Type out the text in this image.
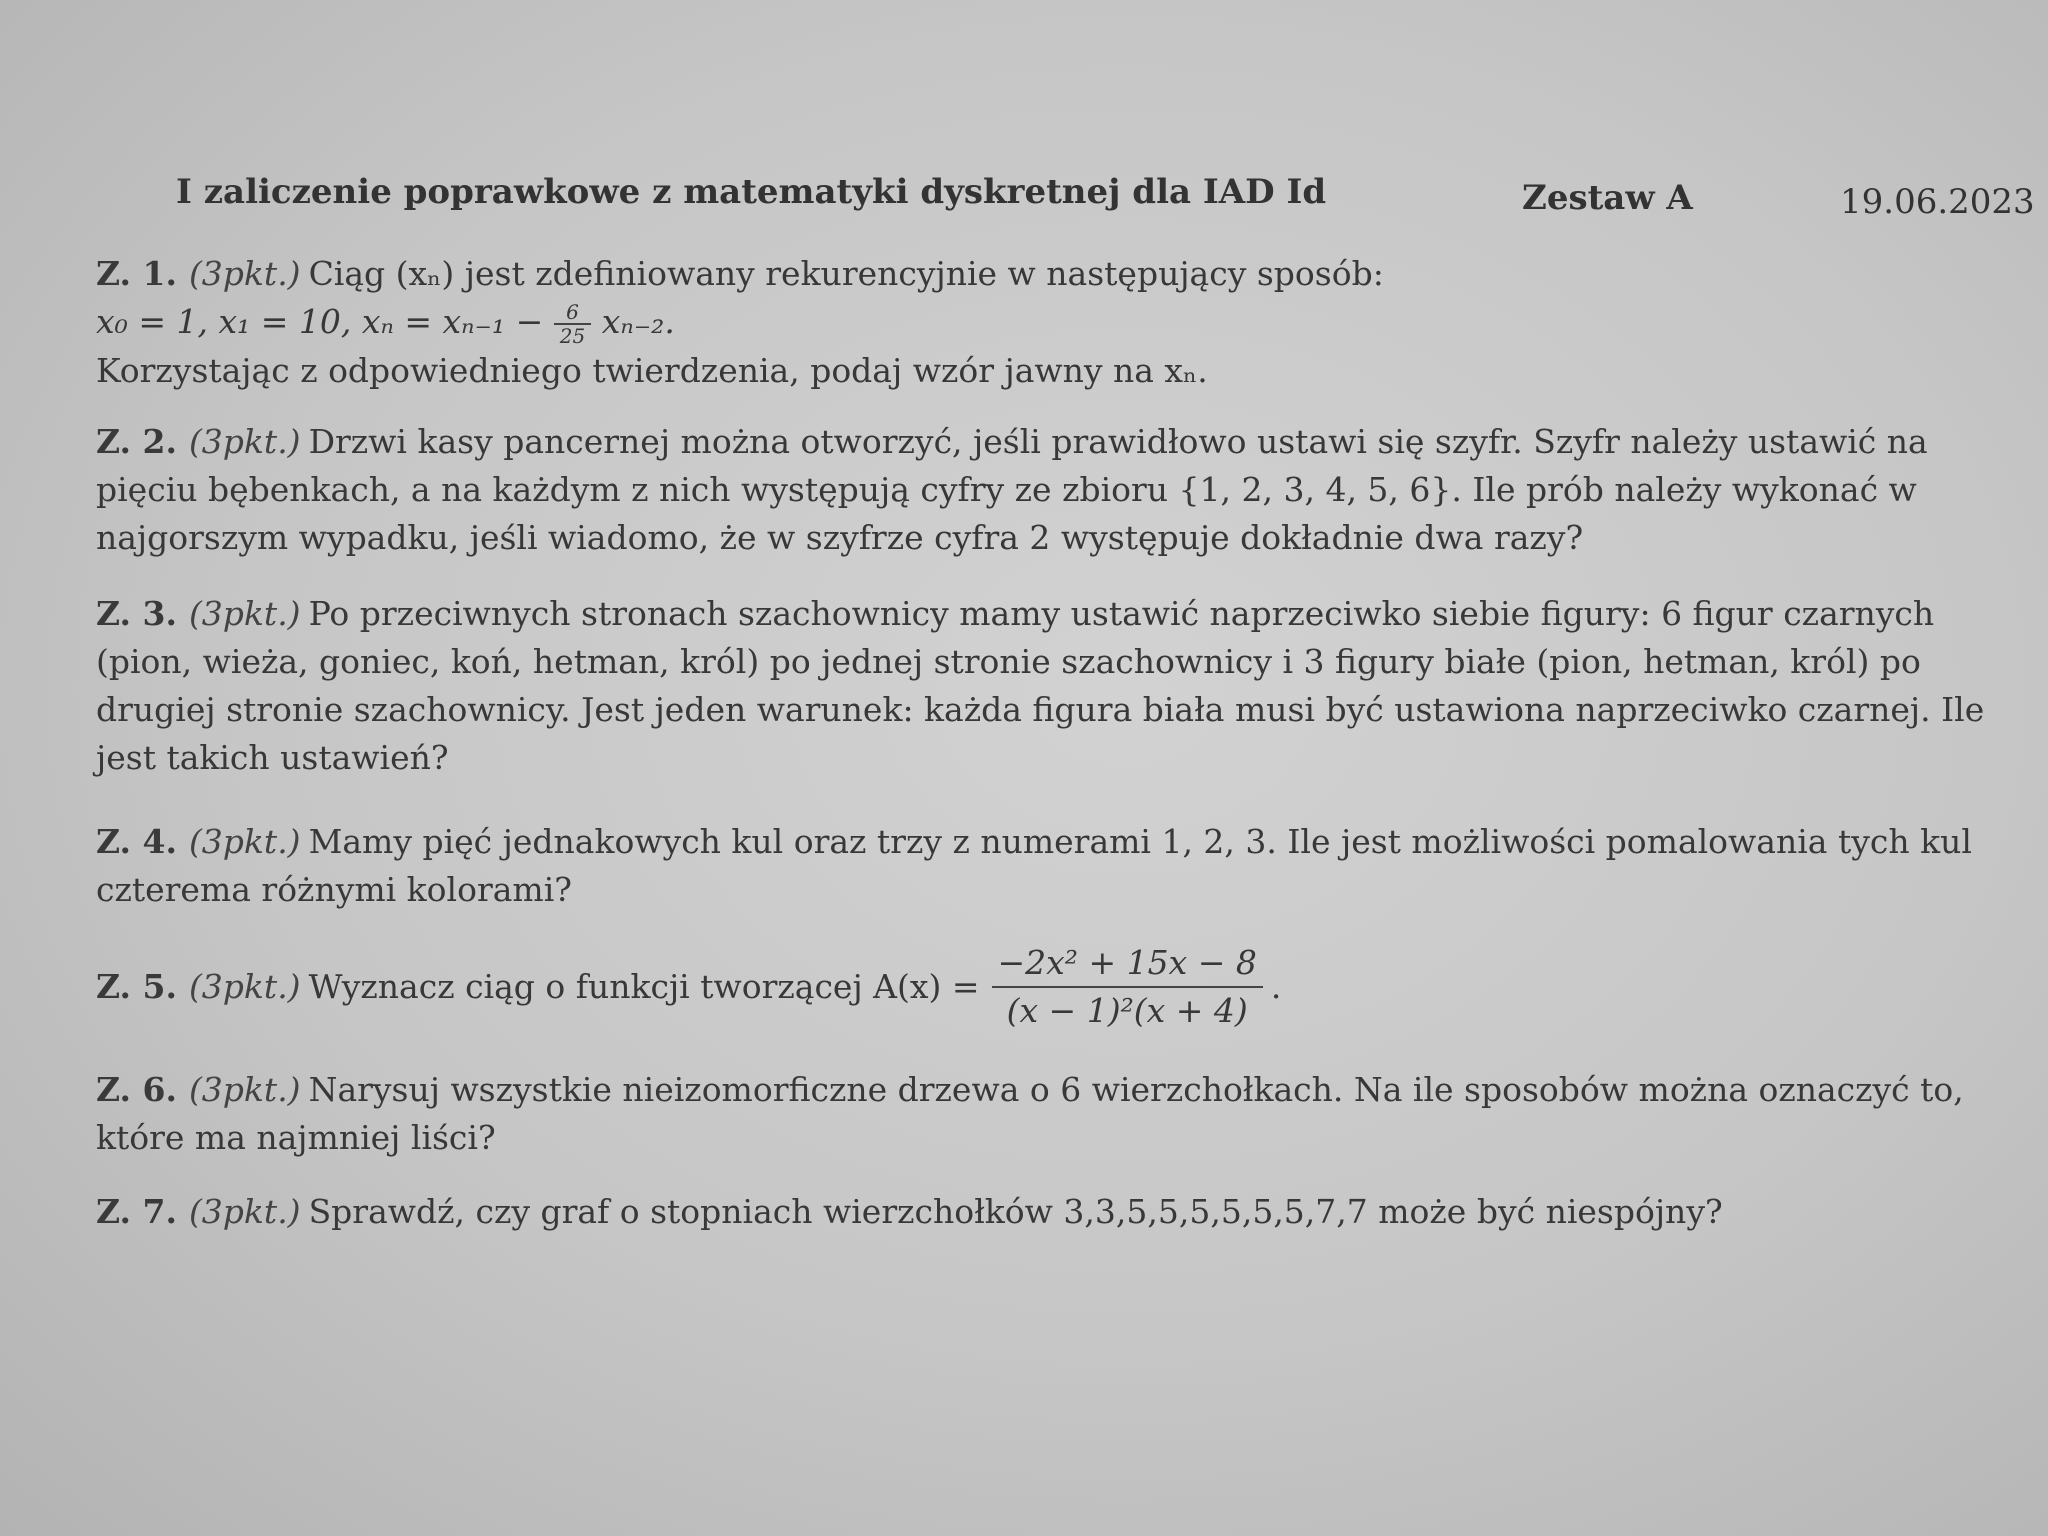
I zaliczenie poprawkowe z matematyki dyskretnej dla IAD Id	Zestaw A	19.06.2023
Z. 1. (3pkt.) Ciąg (xₙ) jest zdefiniowany rekurencyjnie w następujący sposób:
x₀ = 1, x₁ = 10, $x_n = x_{n-1} - \frac{6}{25} x_{n-2}$.
Korzystając z odpowiedniego twierdzenia, podaj wzór jawny na xₙ.
Z. 2. (3pkt.) Drzwi kasy pancernej można otworzyć, jeśli prawidłowo ustawi się szyfr. Szyfr należy ustawić na pięciu bębenkach, a na każdym z nich występują cyfry ze zbioru {1, 2, 3, 4, 5, 6}. Ile prób należy wykonać w najgorszym wypadku, jeśli wiadomo, że w szyfrze cyfra 2 występuje dokładnie dwa razy?
Z. 3. (3pkt.) Po przeciwnych stronach szachownicy mamy ustawić naprzeciwko siebie figury: 6 figur czarnych (pion, wieża, goniec, koń, hetman, król) po jednej stronie szachownicy i 3 figury białe (pion, hetman, król) po drugiej stronie szachownicy. Jest jeden warunek: każda figura biała musi być ustawiona naprzeciwko czarnej. Ile jest takich ustawień?
Z. 4. (3pkt.) Mamy pięć jednakowych kul oraz trzy z numerami 1, 2, 3. Ile jest możliwości pomalowania tych kul czterema różnymi kolorami?
Z. 5. (3pkt.) Wyznacz ciąg o funkcji tworzącej $A(x) = \frac{\text{−2x² + 15x − 8}}{\text{(x − 1)²(x + 4)}}$ .
Z. 6. (3pkt.) Narysuj wszystkie nieizomorficzne drzewa o 6 wierzchołkach. Na ile sposobów można oznaczyć to, które ma najmniej liści?
Z. 7. (3pkt.) Sprawdź, czy graf o stopniach wierzchołków 3,3,5,5,5,5,5,5,7,7 może być niespójny?
